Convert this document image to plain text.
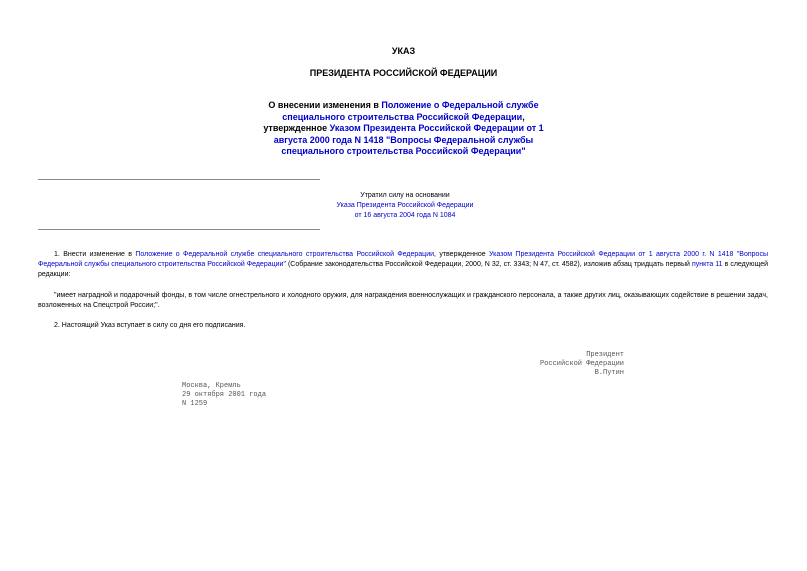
УКАЗ
ПРЕЗИДЕНТА РОССИЙСКОЙ ФЕДЕРАЦИИ
О внесении изменения в Положение о Федеральной службе специального строительства Российской Федерации, утвержденное Указом Президента Российской Федерации от 1 августа 2000 года N 1418 "Вопросы Федеральной службы специального строительства Российской Федерации"
Утратил силу на основании
Указа Президента Российской Федерации
от 16 августа 2004 года N 1084
1. Внести изменение в Положение о Федеральной службе специального строительства Российской Федерации, утвержденное Указом Президента Российской Федерации от 1 августа 2000 г. N 1418 "Вопросы Федеральной службы специального строительства Российской Федерации" (Собрание законодательства Российской Федерации, 2000, N 32, ст. 3343; N 47, ст. 4582), изложив абзац тридцать первый пункта 11 в следующей редакции:
"имеет наградной и подарочный фонды, в том числе огнестрельного и холодного оружия, для награждения военнослужащих и гражданского персонала, а также других лиц, оказывающих содействие в решении задач, возложенных на Спецстрой России;".
2. Настоящий Указ вступает в силу со дня его подписания.
Президент
Российской Федерации
В.Путин
Москва, Кремль
29 октября 2001 года
N 1259
